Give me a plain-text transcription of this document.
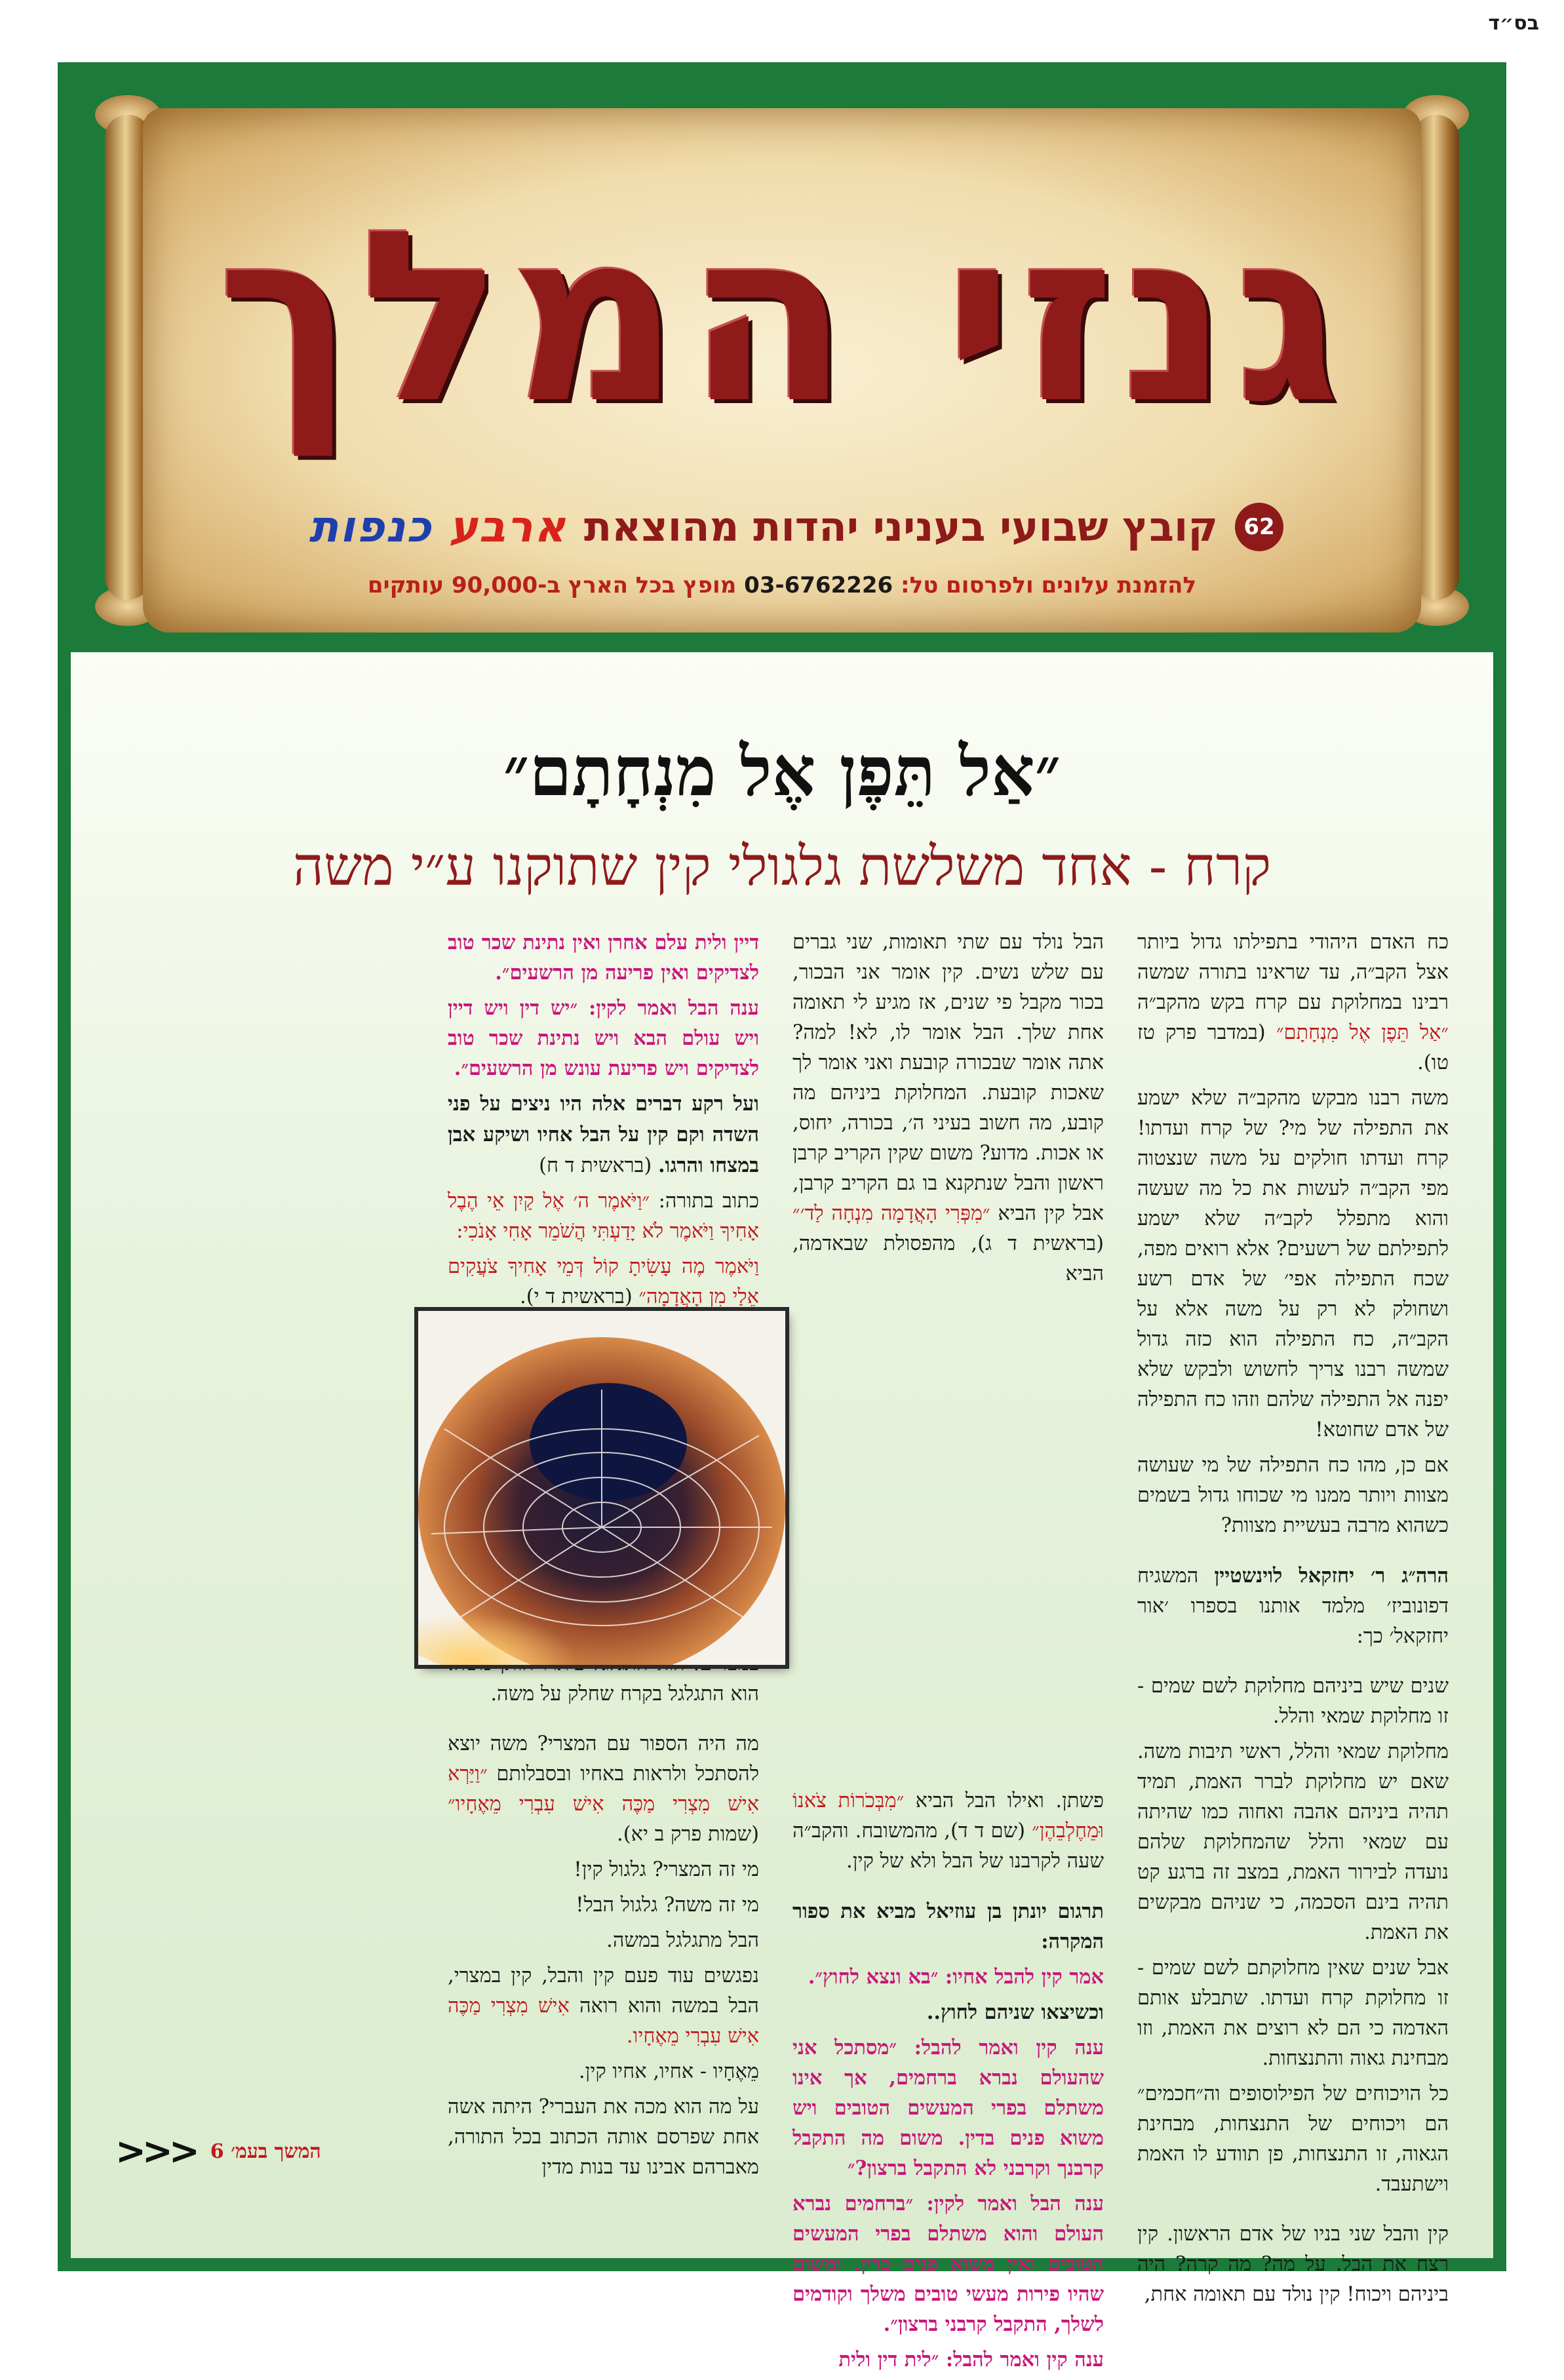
בס״ד
גנזי המלך
62
קובץ שבועי בעניני יהדות מהוצאת
ארבע כנפות
להזמנת עלונים ולפרסום טל: 03-6762226 מופץ בכל הארץ ב-90,000 עותקים
״אַל תֵּפֶן אֶל מִנְחָתָם״
קרח - אחד משלשת גלגולי קין שתוקנו ע״י משה

כח האדם היהודי בתפילתו גדול ביותר אצל הקב״ה, עד שראינו בתורה שמשה רבינו במחלוקת עם קרח בקש מהקב״ה ״אַל תֵּפֶן אֶל מִנְחָתָם״ (במדבר פרק טז טו).

משה רבנו מבקש מהקב״ה שלא ישמע את התפילה של מי? של קרח ועדתו! קרח ועדתו חולקים על משה שנצטוה מפי הקב״ה לעשות את כל מה שעשה והוא מתפלל לקב״ה שלא ישמע לתפילתם של רשעים? אלא רואים מפה, שכח התפילה אפי׳ של אדם רשע ושחולק לא רק על משה אלא על הקב״ה, כח התפילה הוא כזה גדול שמשה רבנו צריך לחשוש ולבקש שלא יפנה אל התפילה שלהם וזהו כח התפילה של אדם שחוטא!

אם כן, מהו כח התפילה של מי שעושה מצוות ויותר ממנו מי שכוחו גדול בשמים כשהוא מרבה בעשיית מצוות?

הרה״ג ר׳ יחזקאל לוינשטיין המשגיח דפונוביז׳ מלמד אותנו בספרו ׳אור יחזקאל׳ כך:

שנים שיש ביניהם מחלוקת לשם שמים - זו מחלוקת שמאי והלל.

מחלוקת שמאי והלל, ראשי תיבות משה. שאם יש מחלוקת לברר האמת, תמיד תהיה ביניהם אהבה ואחוה כמו שהיתה עם שמאי והלל שהמחלוקת שלהם נועדה לבירור האמת, במצב זה ברגע קט תהיה בינם הסכמה, כי שניהם מבקשים את האמת.

אבל שנים שאין מחלוקתם לשם שמים - זו מחלוקת קרח ועדתו. שתבלע אותם האדמה כי הם לא רוצים את האמת, וזו מבחינת גאוה והתנצחות.

כל הויכוחים של הפילוסופים וה״חכמים״ הם ויכוחים של התנצחות, מבחינת הגאוה, זו התנצחות, פן תוודע לו האמת וישתעבד.

קין והבל שני בניו של אדם הראשון. קין רצח את הבל. על מה? מה קרה? היה ביניהם ויכוח! קין נולד עם תאומה אחת,

הבל נולד עם שתי תאומות, שני גברים עם שלש נשים. קין אומר אני הבכור, בכור מקבל פי שנים, אז מגיע לי תאומה אחת שלך. הבל אומר לו, לא! למה? אתה אומר שבכורה קובעת ואני אומר לך שאכות קובעת. המחלוקת ביניהם מה קובע, מה חשוב בעיני ה׳, בכורה, יחוס, או אכות. מדוע? משום שקין הקריב קרבן ראשון והבל שנתקנא בו גם הקריב קרבן, אבל קין הביא ״מִפְּרִי הָאֲדָמָה מִנְחָה לַד׳״ (בראשית ד ג), מהפסולת שבאדמה, הביא

פשתן. ואילו הבל הביא ״מִבְּכֹרוֹת צֹאנוֹ וּמֵחֶלְבֵהֶן״ (שם ד ד), מהמשובח. והקב״ה שעה לקרבנו של הבל ולא של קין.

תרגום יונתן בן עוזיאל מביא את ספור המקרה:

אמר קין להבל אחיו: ״בא ונצא לחוץ״.

וכשיצאו שניהם לחוץ..

ענה קין ואמר להבל: ״מסתכל אני שהעולם נברא ברחמים, אך אינו משתלם בפרי המעשים הטובים ויש משוא פנים בדין. משום מה התקבל קרבנך וקרבני לא התקבל ברצון?״

ענה הבל ואמר לקין: ״ברחמים נברא העולם והוא משתלם בפרי המעשים הטובים ואין משוא פנים בדין. ומשום שהיו פירות מעשי טובים משלך וקודמים לשלך, התקבל קרבני ברצון״.

ענה קין ואמר להבל: ״לית דין ולית

דיין ולית עלם אחרן ואין נתינת שכר טוב לצדיקים ואין פריעה מן הרשעים״.

ענה הבל ואמר לקין: ״יש דין ויש דיין ויש עולם הבא ויש נתינת שכר טוב לצדיקים ויש פריעת עונש מן הרשעים״.

ועל רקע דברים אלה היו ניצים על פני השדה וקם קין על הבל אחיו ושיקע אבן במצחו והרגו. (בראשית ד ח)

כתוב בתורה: ״וַיֹּאמֶר ה׳ אֶל קַיִן אֵי הֶבֶל אָחִיךָ וַיֹּאמֶר לֹא יָדַעְתִּי הֲשֹׁמֵר אָחִי אָנֹכִי:

וַיֹּאמֶר מֶה עָשִׂיתָ קוֹל דְּמֵי אָחִיךָ צֹעֲקִים אֵלַי מִן הָאֲדָמָה״ (בראשית ד י).

הוא התגלגל בקרח שחלק על משה.

מה היה הספור עם המצרי? משה יוצא להסתכל ולראות באחיו ובסבלותם ״וַיַּרְא אִישׁ מִצְרִי מַכֶּה אִישׁ עִבְרִי מֵאֶחָיו״ (שמות פרק ב יא).

מי זה המצרי? גלגול קין!

מי זה משה? גלגול הבל!

הבל מתגלגל במשה.

נפגשים עוד פעם קין והבל, קין במצרי, הבל במשה והוא רואה אִישׁ מִצְרִי מַכֶּה אִישׁ עִבְרִי מֵאֶחָיו.

מֵאֶחָיו - אחיו, אחיו קין.

על מה הוא מכה את העברי? היתה אשה אחת שפרסם אותה הכתוב בכל התורה, מאברהם אבינו עד בנות מדין

המשך בעמ׳ 6
<<<
